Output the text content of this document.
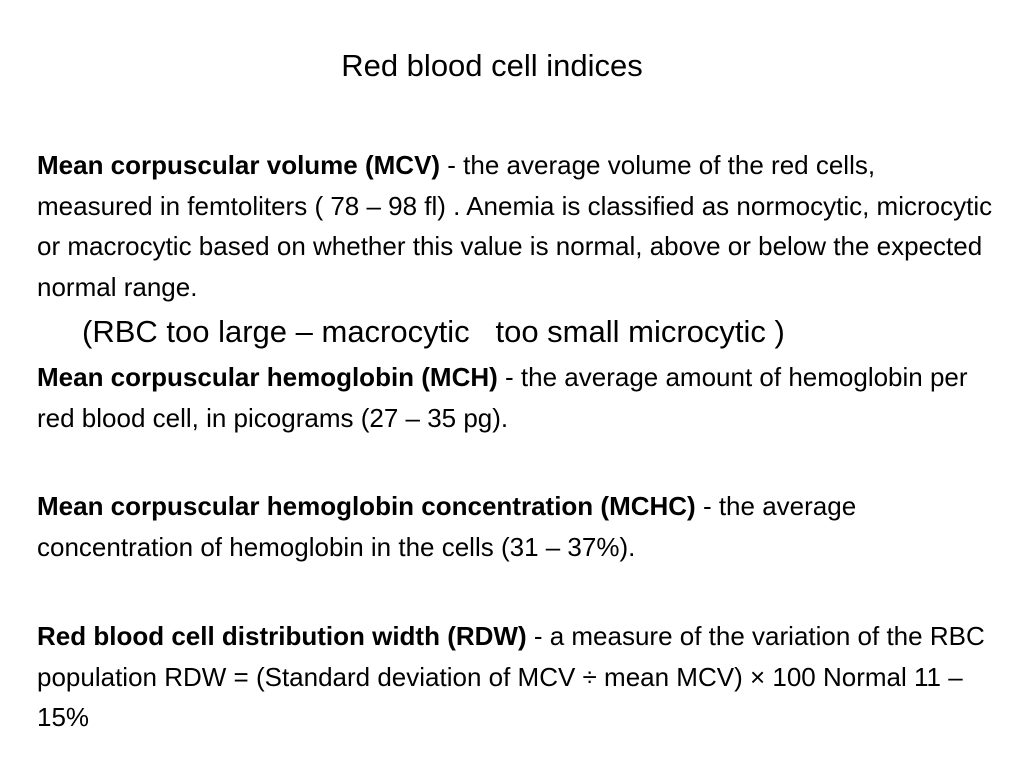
Red blood cell indices

Mean corpuscular volume (MCV) - the average volume of the red cells, measured in femtoliters ( 78 – 98 fl) . Anemia is classified as normocytic, microcytic or macrocytic based on whether this value is normal, above or below the expected normal range.

(RBC too large – macrocytic   too small microcytic )

Mean corpuscular hemoglobin (MCH) - the average amount of hemoglobin per red blood cell, in picograms (27 – 35 pg).

Mean corpuscular hemoglobin concentration (MCHC) - the average concentration of hemoglobin in the cells (31 – 37%).

Red blood cell distribution width (RDW) - a measure of the variation of the RBC population RDW = (Standard deviation of MCV ÷ mean MCV) × 100 Normal 11 – 15%
